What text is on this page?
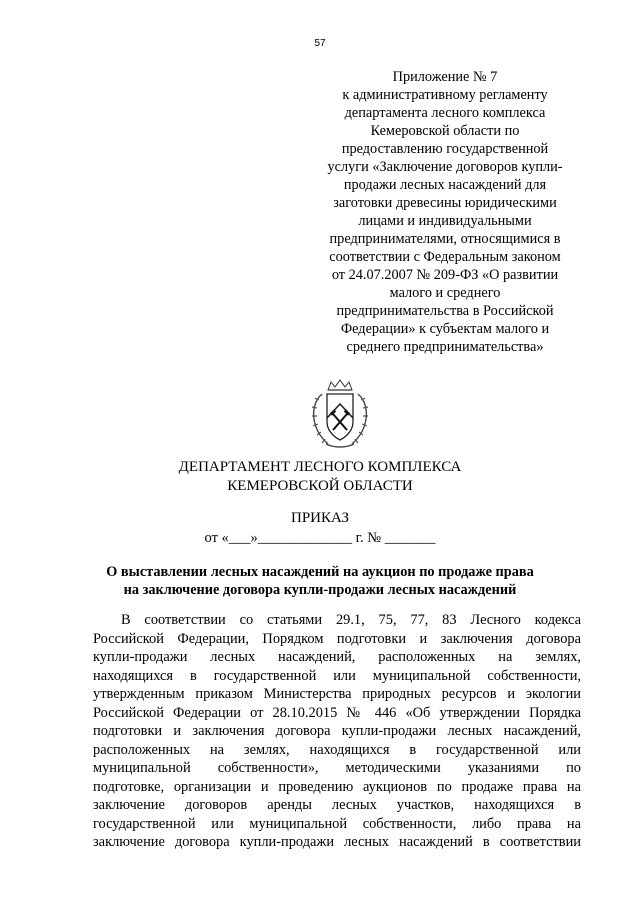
57
Приложение № 7
к административному регламенту
департамента лесного комплекса
Кемеровской области по
предоставлению государственной
услуги «Заключение договоров купли-
продажи лесных насаждений для
заготовки древесины юридическими
лицами и индивидуальными
предпринимателями, относящимися в
соответствии с Федеральным законом
от 24.07.2007 № 209-ФЗ «О развитии
малого и среднего
предпринимательства в Российской
Федерации» к субъектам малого и
среднего предпринимательства»
ДЕПАРТАМЕНТ ЛЕСНОГО КОМПЛЕКСА
КЕМЕРОВСКОЙ ОБЛАСТИ
ПРИКАЗ
от «___»_____________ г. № _______
О выставлении лесных насаждений на аукцион по продаже права
на заключение договора купли-продажи лесных насаждений
В соответствии со статьями 29.1, 75, 77, 83 Лесного кодекса
Российской Федерации, Порядком подготовки и заключения договора
купли-продажи лесных насаждений, расположенных на землях,
находящихся в государственной или муниципальной собственности,
утвержденным приказом Министерства природных ресурсов и экологии
Российской Федерации от 28.10.2015 № 446 «Об утверждении Порядка
подготовки и заключения договора купли-продажи лесных насаждений,
расположенных на землях, находящихся в государственной или
муниципальной собственности», методическими указаниями по
подготовке, организации и проведению аукционов по продаже права на
заключение договоров аренды лесных участков, находящихся в
государственной или муниципальной собственности, либо права на
заключение договора купли-продажи лесных насаждений в соответствии
